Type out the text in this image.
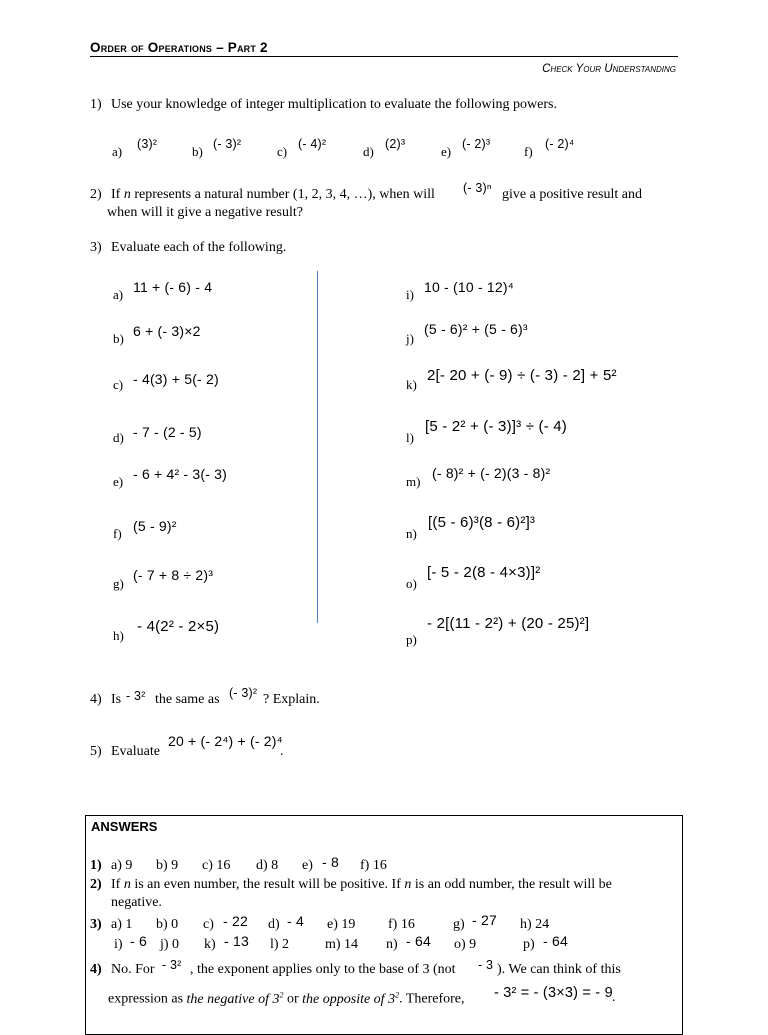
Order of Operations – Part 2
Check Your Understanding
1) Use your knowledge of integer multiplication to evaluate the following powers.
a) (3)²	b) (- 3)²	c) (- 4)²	d) (2)³	e) (- 2)³	f) (- 2)⁴
2) If n represents a natural number (1, 2, 3, 4, …), when will (- 3)ⁿ give a positive result and
when will it give a negative result?
3) Evaluate each of the following.
a) 11 + (- 6) - 4
b) 6 + (- 3)×2
c) - 4(3) + 5(- 2)
d) - 7 - (2 - 5)
e) - 6 + 4² - 3(- 3)
f) (5 - 9)²
g)
(- 7 + 8 ÷ 2)³
h)
- 4(2² - 2×5)
i) 10 - (10 - 12)⁴
j)
(5 - 6)² + (5 - 6)³
k)
2[- 20 + (- 9) ÷ (- 3) - 2] + 5²
l)
[5 - 2² + (- 3)]³ ÷ (- 4)
m)
(- 8)² + (- 2)(3 - 8)²
n)
[(5 - 6)³(8 - 6)²]³
o)
[- 5 - 2(8 - 4×3)]²
p)
- 2[(11 - 2²) + (20 - 25)²]
4) Is - 3² the same as (- 3)² ? Explain.
5) Evaluate
20 + (- 2⁴) + (- 2)⁴
.
ANSWERS
1) a) 9 b) 9 c) 16 d) 8 e) - 8 f) 16
2) If n is an even number, the result will be positive. If n is an odd number, the result will be
negative.
3) a) 1 b) 0 c) - 22 d) - 4 e) 19 f) 16	g) - 27 h) 24
i) - 6 j) 0 k) - 13 l) 2	m) 14 n) - 64 o) 9	p) - 64
4) No. For - 3² , the exponent applies only to the base of 3 (not - 3 ). We can think of this
expression as the negative of $3^2$ or the opposite of $3^2$. Therefore, - 3² = - (3×3) = - 9 .
